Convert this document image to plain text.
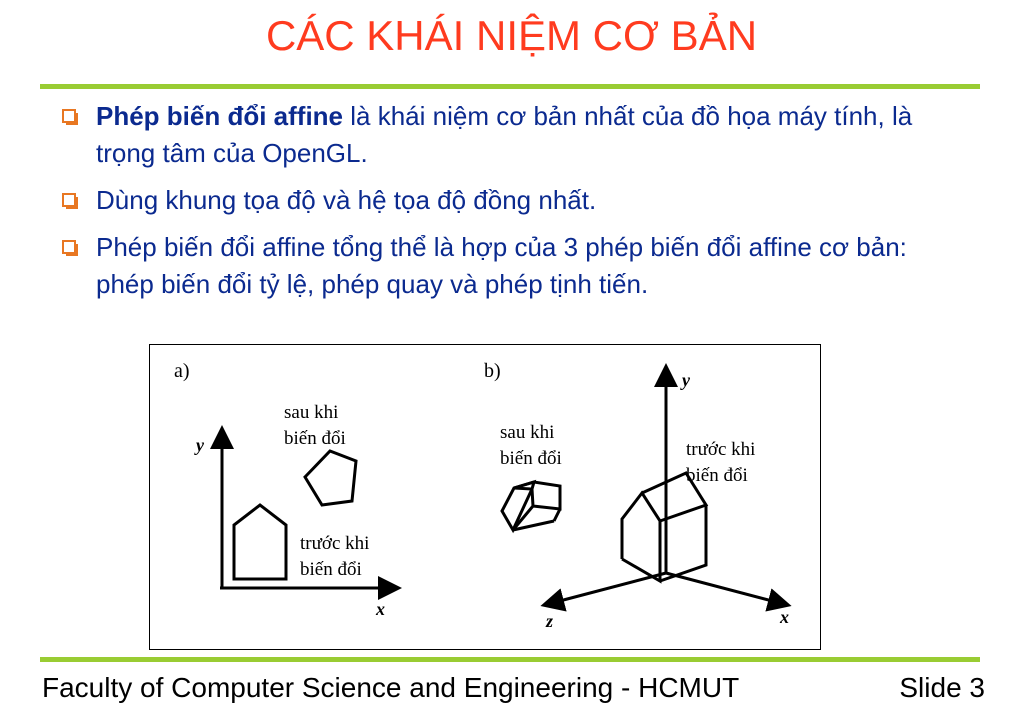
CÁC KHÁI NIỆM CƠ BẢN
Phép biến đổi affine là khái niệm cơ bản nhất của đồ họa máy tính, là trọng tâm của OpenGL.
Dùng khung tọa độ và hệ tọa độ đồng nhất.
Phép biến đổi affine tổng thể là hợp của 3 phép biến đổi affine cơ bản: phép biến đổi tỷ lệ, phép quay và phép tịnh tiến.
a)
y
x
sau khi
biến đổi
trước khi
biến đổi
b)	y
x
z
sau khi
biến đổi	trước khi
biến đổi
Faculty of Computer Science and Engineering - HCMUT	Slide 3
